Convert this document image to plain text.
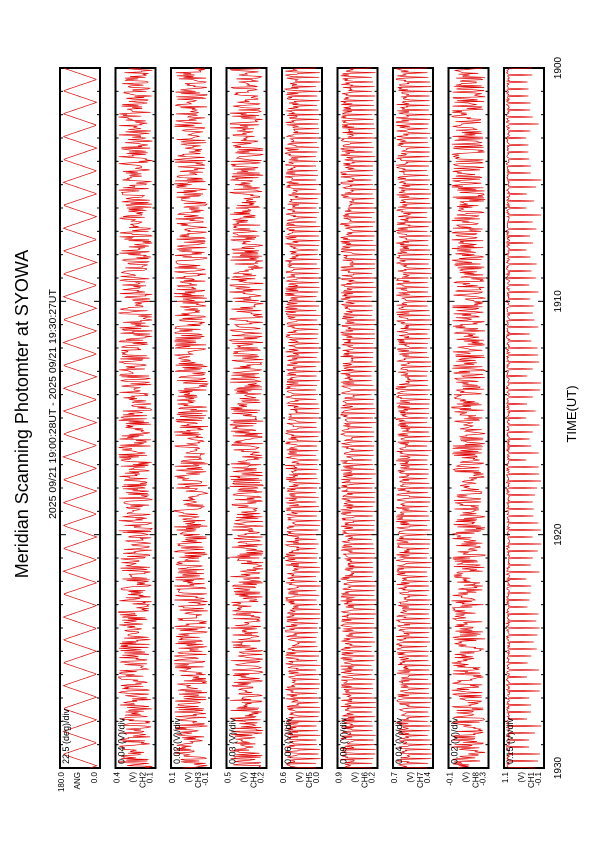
Meridian Scanning Photomter at SYOWA 2025 09/21 19:00:28UT - 2025 09/21 19:30:27UT	TIME(UT)
22.5 (deg)/div
180.0	0.0
ANG
0.04 (V)/div
0.4	0.1
(V) CH2
0.02 (V)/div
0.1	-0.1
(V) CH3
0.03 (V)/div
0.5	0.2
(V) CH4
0.06 (V)/div
0.6	0.0
(V) CH5
0.09 (V)/div
0.9	0.2
(V) CH6
0.04 (V)/div
0.7	0.4
(V) CH7
0.02 (V)/div
-0.1	-0.3
(V) CH8
0.15 (V)/div
1.1	-0.1
(V) CH1
1900
1910
1920
1930
